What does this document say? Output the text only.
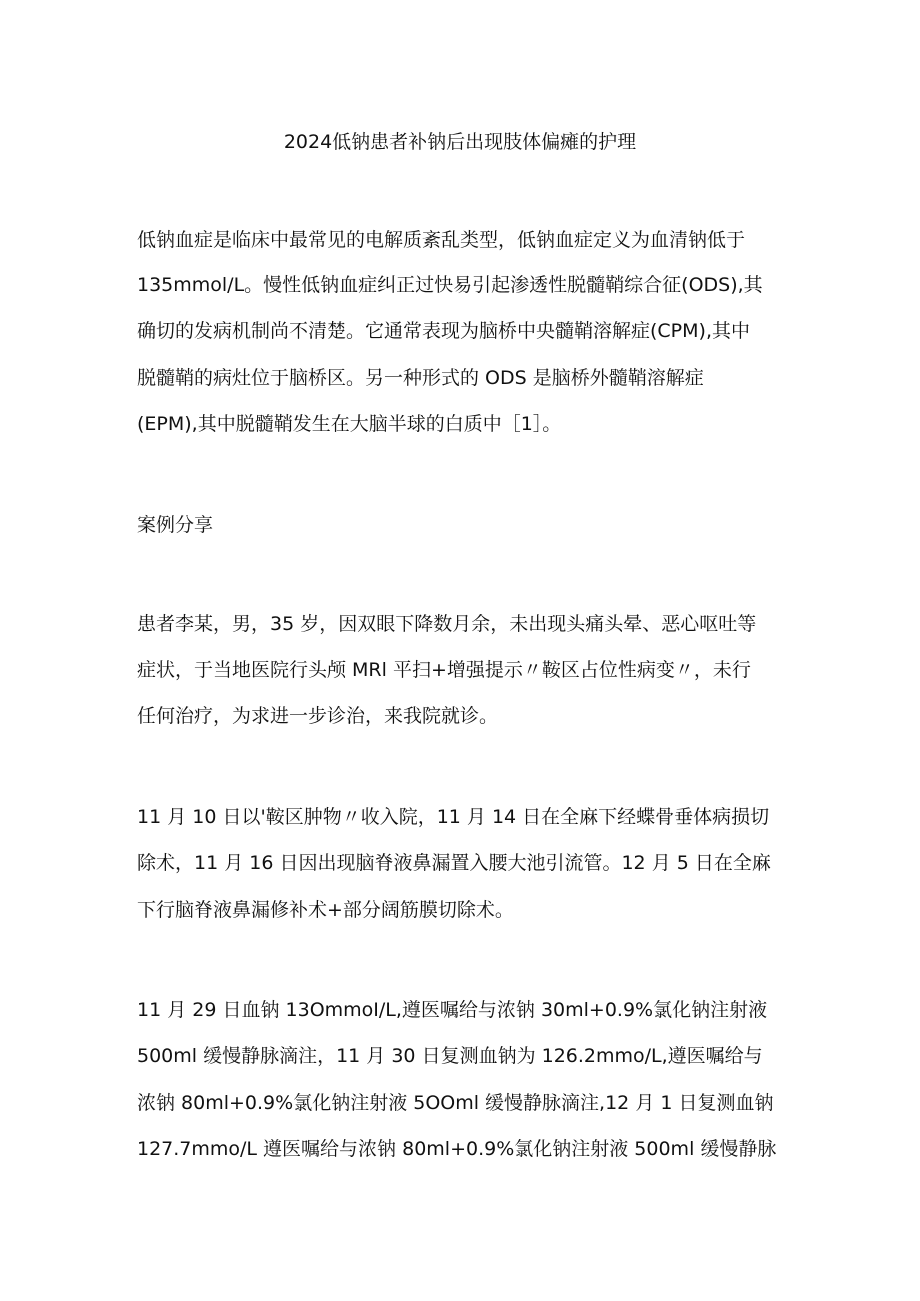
2024低钠患者补钠后出现肢体偏瘫的护理
低钠血症是临床中最常见的电解质紊乱类型，低钠血症定义为血清钠低于
135mmol/L。慢性低钠血症纠正过快易引起渗透性脱髓鞘综合征(ODS),其
确切的发病机制尚不清楚。它通常表现为脑桥中央髓鞘溶解症(CPM),其中
脱髓鞘的病灶位于脑桥区。另一种形式的 ODS 是脑桥外髓鞘溶解症
(EPM),其中脱髓鞘发生在大脑半球的白质中［1］。
案例分享
患者李某，男，35 岁，因双眼下降数月余，未出现头痛头晕、恶心呕吐等
症状，于当地医院行头颅 MRl 平扫+增强提示〃鞍区占位性病变〃，未行
任何治疗，为求进一步诊治，来我院就诊。
11 月 10 日以'鞍区肿物〃收入院，11 月 14 日在全麻下经蝶骨垂体病损切
除术，11 月 16 日因出现脑脊液鼻漏置入腰大池引流管。12 月 5 日在全麻
下行脑脊液鼻漏修补术+部分阔筋膜切除术。
11 月 29 日血钠 13OmmoI/L,遵医嘱给与浓钠 30ml+0.9%氯化钠注射液
500ml 缓慢静脉滴注，11 月 30 日复测血钠为 126.2mmo/L,遵医嘱给与
浓钠 80ml+0.9%氯化钠注射液 5OOml 缓慢静脉滴注,12 月 1 日复测血钠
127.7mmo/L 遵医嘱给与浓钠 80ml+0.9%氯化钠注射液 500ml 缓慢静脉
